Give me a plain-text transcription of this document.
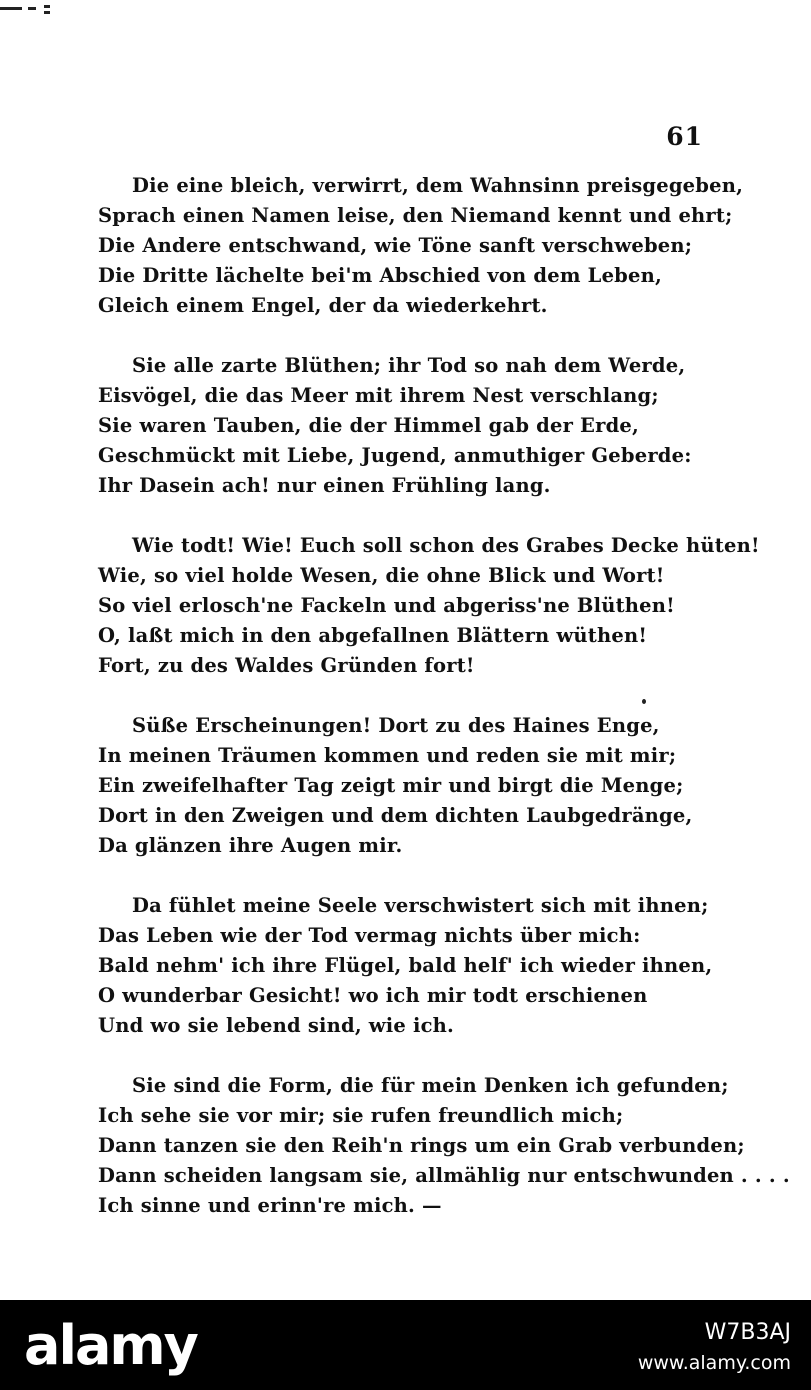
61
Die eine bleich, verwirrt, dem Wahnsinn preisgegeben,
Sprach einen Namen leise, den Niemand kennt und ehrt;
Die Andere entschwand, wie Töne sanft verschweben;
Die Dritte lächelte bei'm Abschied von dem Leben,
Gleich einem Engel, der da wiederkehrt.
Sie alle zarte Blüthen; ihr Tod so nah dem Werde,
Eisvögel, die das Meer mit ihrem Nest verschlang;
Sie waren Tauben, die der Himmel gab der Erde,
Geschmückt mit Liebe, Jugend, anmuthiger Geberde:
Ihr Dasein ach! nur einen Frühling lang.
Wie todt! Wie! Euch soll schon des Grabes Decke hüten!
Wie, so viel holde Wesen, die ohne Blick und Wort!
So viel erlosch'ne Fackeln und abgeriss'ne Blüthen!
O, laßt mich in den abgefallnen Blättern wüthen!
Fort, zu des Waldes Gründen fort!
Süße Erscheinungen! Dort zu des Haines Enge,
In meinen Träumen kommen und reden sie mit mir;
Ein zweifelhafter Tag zeigt mir und birgt die Menge;
Dort in den Zweigen und dem dichten Laubgedränge,
Da glänzen ihre Augen mir.
Da fühlet meine Seele verschwistert sich mit ihnen;
Das Leben wie der Tod vermag nichts über mich:
Bald nehm' ich ihre Flügel, bald helf' ich wieder ihnen,
O wunderbar Gesicht! wo ich mir todt erschienen
Und wo sie lebend sind, wie ich.
Sie sind die Form, die für mein Denken ich gefunden;
Ich sehe sie vor mir; sie rufen freundlich mich;
Dann tanzen sie den Reih'n rings um ein Grab verbunden;
Dann scheiden langsam sie, allmählig nur entschwunden . . . .
Ich sinne und erinn're mich. —
alamy	W7B3AJ
www.alamy.com
